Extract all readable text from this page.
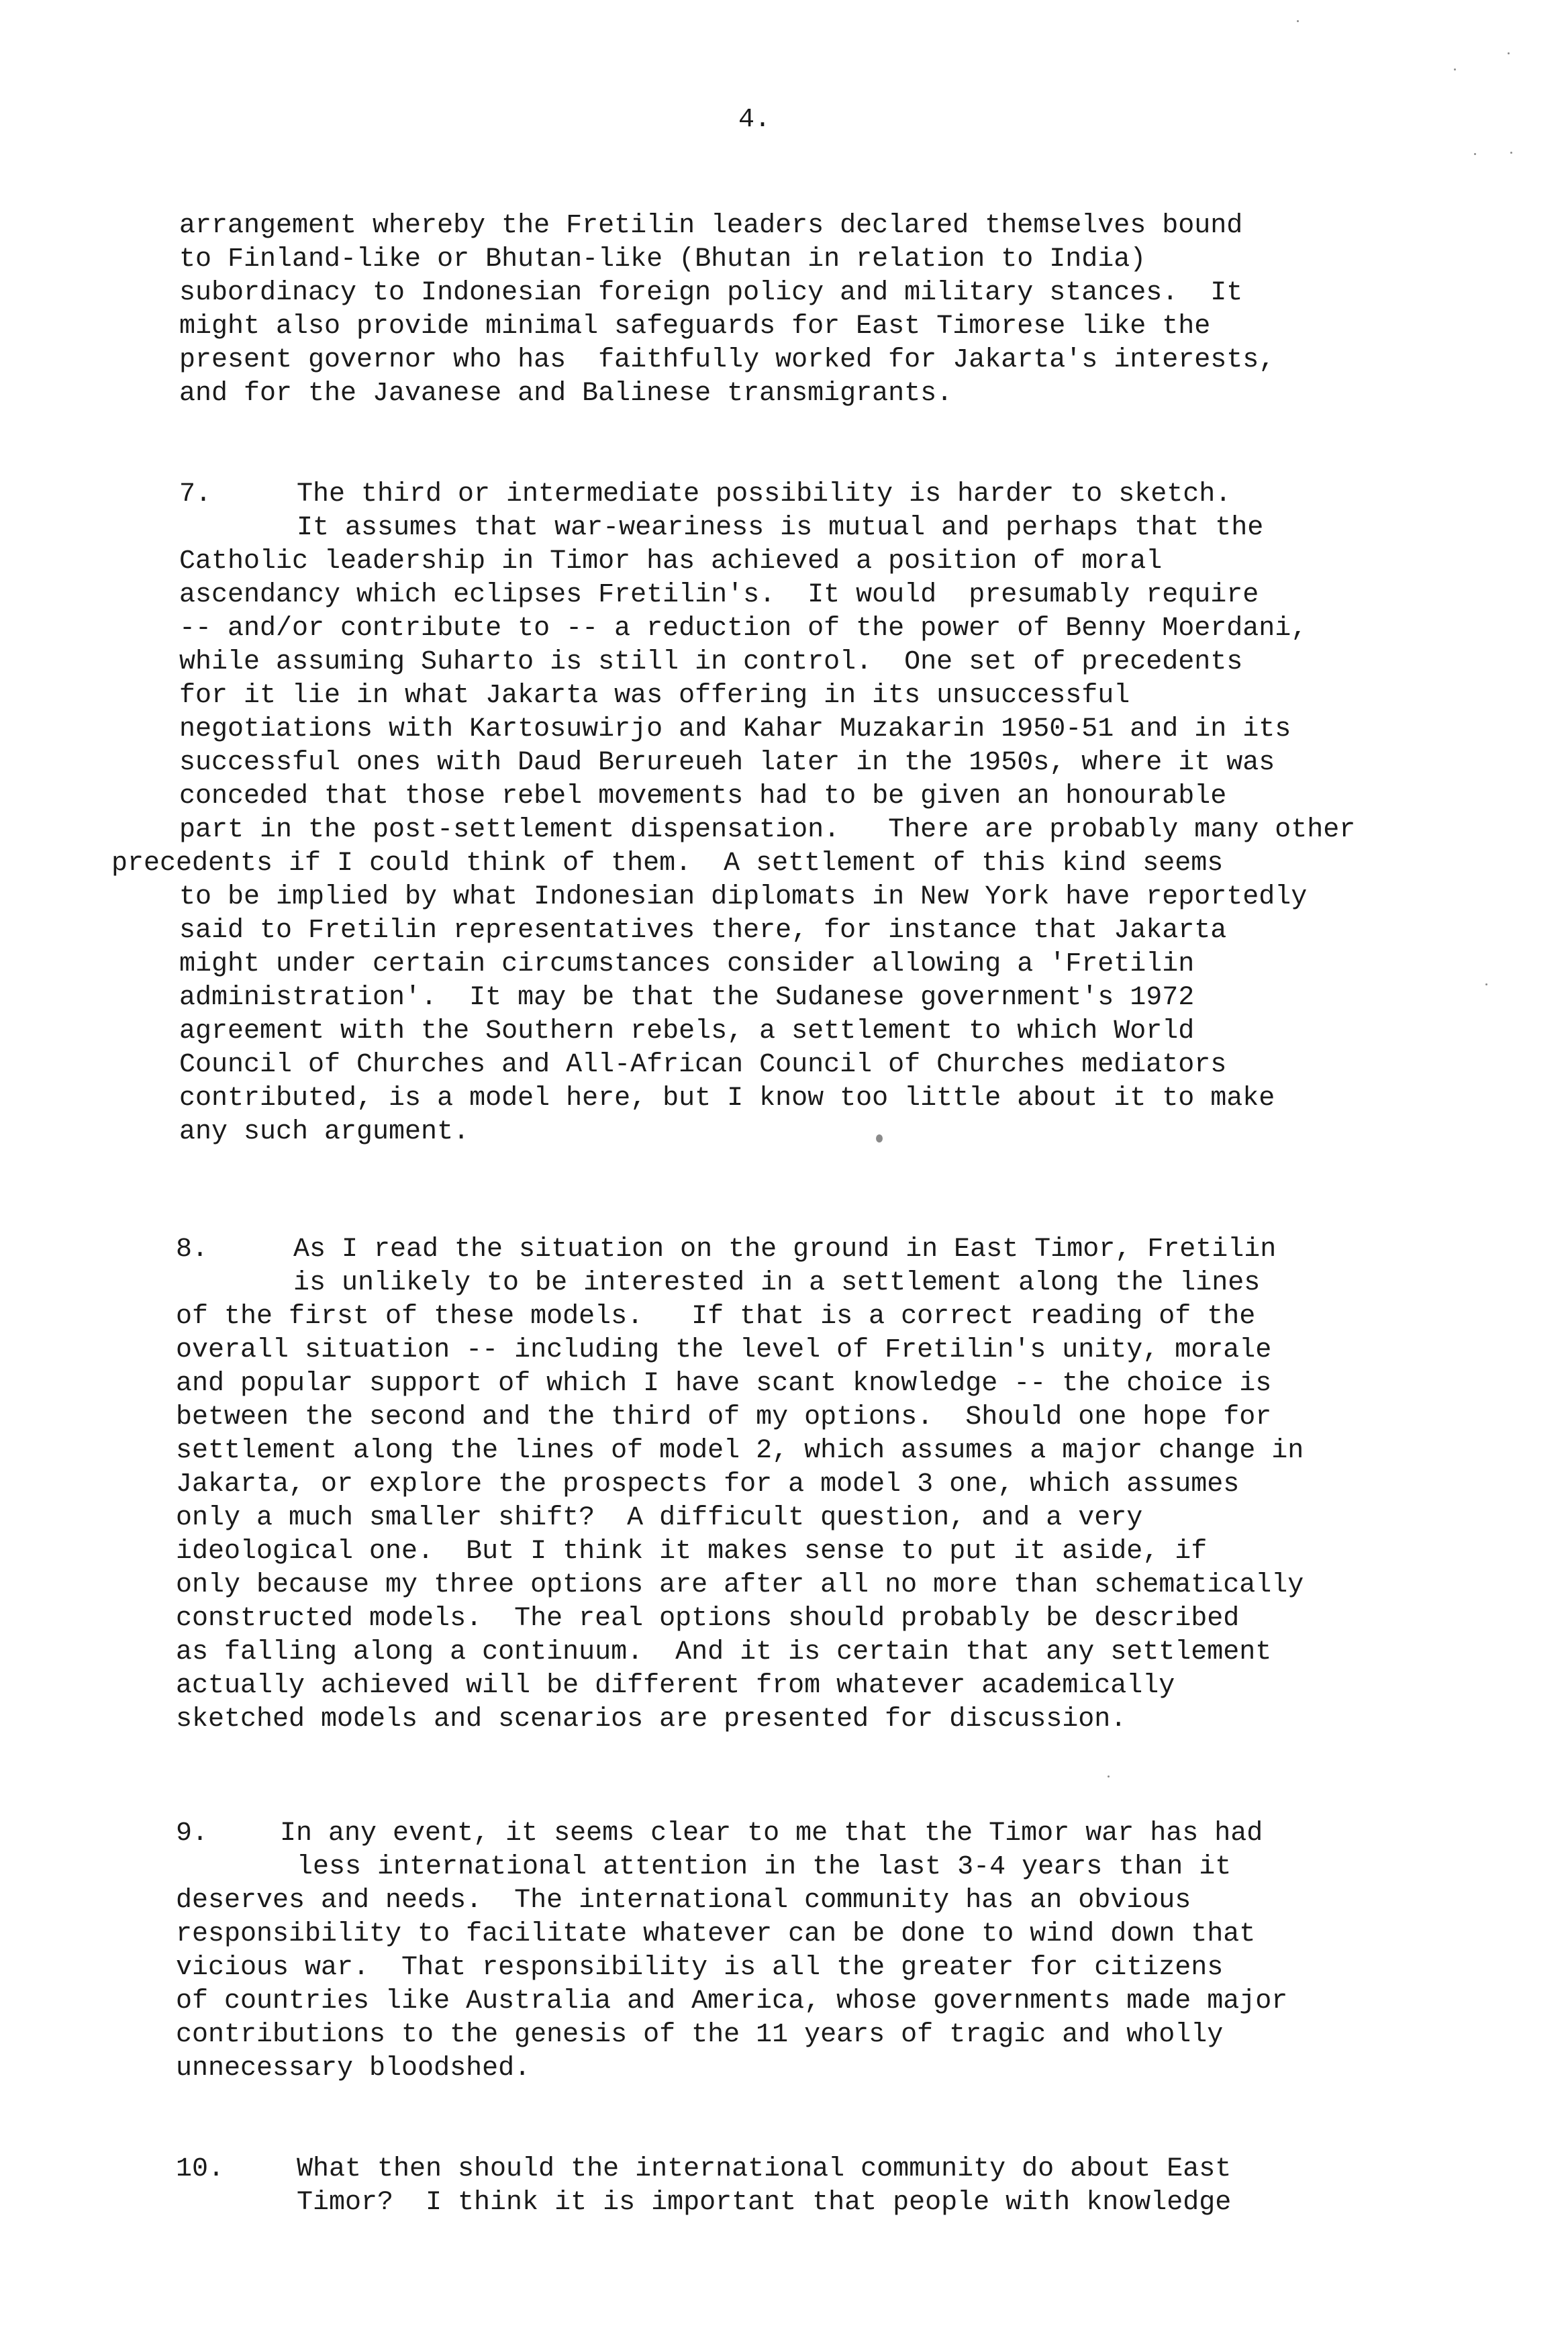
4.
arrangement whereby the Fretilin leaders declared themselves bound
to Finland-like or Bhutan-like (Bhutan in relation to India)
subordinacy to Indonesian foreign policy and military stances.  It
might also provide minimal safeguards for East Timorese like the
present governor who has  faithfully worked for Jakarta's interests,
and for the Javanese and Balinese transmigrants.
7.	The third or intermediate possibility is harder to sketch.
It assumes that war-weariness is mutual and perhaps that the
Catholic leadership in Timor has achieved a position of moral
ascendancy which eclipses Fretilin's.  It would  presumably require
-- and/or contribute to -- a reduction of the power of Benny Moerdani,
while assuming Suharto is still in control.  One set of precedents
for it lie in what Jakarta was offering in its unsuccessful
negotiations with Kartosuwirjo and Kahar Muzakarin 1950-51 and in its
successful ones with Daud Berureueh later in the 1950s, where it was
conceded that those rebel movements had to be given an honourable
part in the post-settlement dispensation.   There are probably many other
precedents if I could think of them.  A settlement of this kind seems
to be implied by what Indonesian diplomats in New York have reportedly
said to Fretilin representatives there, for instance that Jakarta
might under certain circumstances consider allowing a 'Fretilin
administration'.  It may be that the Sudanese government's 1972
agreement with the Southern rebels, a settlement to which World
Council of Churches and All-African Council of Churches mediators
contributed, is a model here, but I know too little about it to make
any such argument.
8.	As I read the situation on the ground in East Timor, Fretilin
is unlikely to be interested in a settlement along the lines
of the first of these models.   If that is a correct reading of the
overall situation -- including the level of Fretilin's unity, morale
and popular support of which I have scant knowledge -- the choice is
between the second and the third of my options.  Should one hope for
settlement along the lines of model 2, which assumes a major change in
Jakarta, or explore the prospects for a model 3 one, which assumes
only a much smaller shift?  A difficult question, and a very
ideological one.  But I think it makes sense to put it aside, if
only because my three options are after all no more than schematically
constructed models.  The real options should probably be described
as falling along a continuum.  And it is certain that any settlement
actually achieved will be different from whatever academically
sketched models and scenarios are presented for discussion.
9.	In any event, it seems clear to me that the Timor war has had
less international attention in the last 3-4 years than it
deserves and needs.  The international community has an obvious
responsibility to facilitate whatever can be done to wind down that
vicious war.  That responsibility is all the greater for citizens
of countries like Australia and America, whose governments made major
contributions to the genesis of the 11 years of tragic and wholly
unnecessary bloodshed.
10.	What then should the international community do about East
Timor?  I think it is important that people with knowledge
